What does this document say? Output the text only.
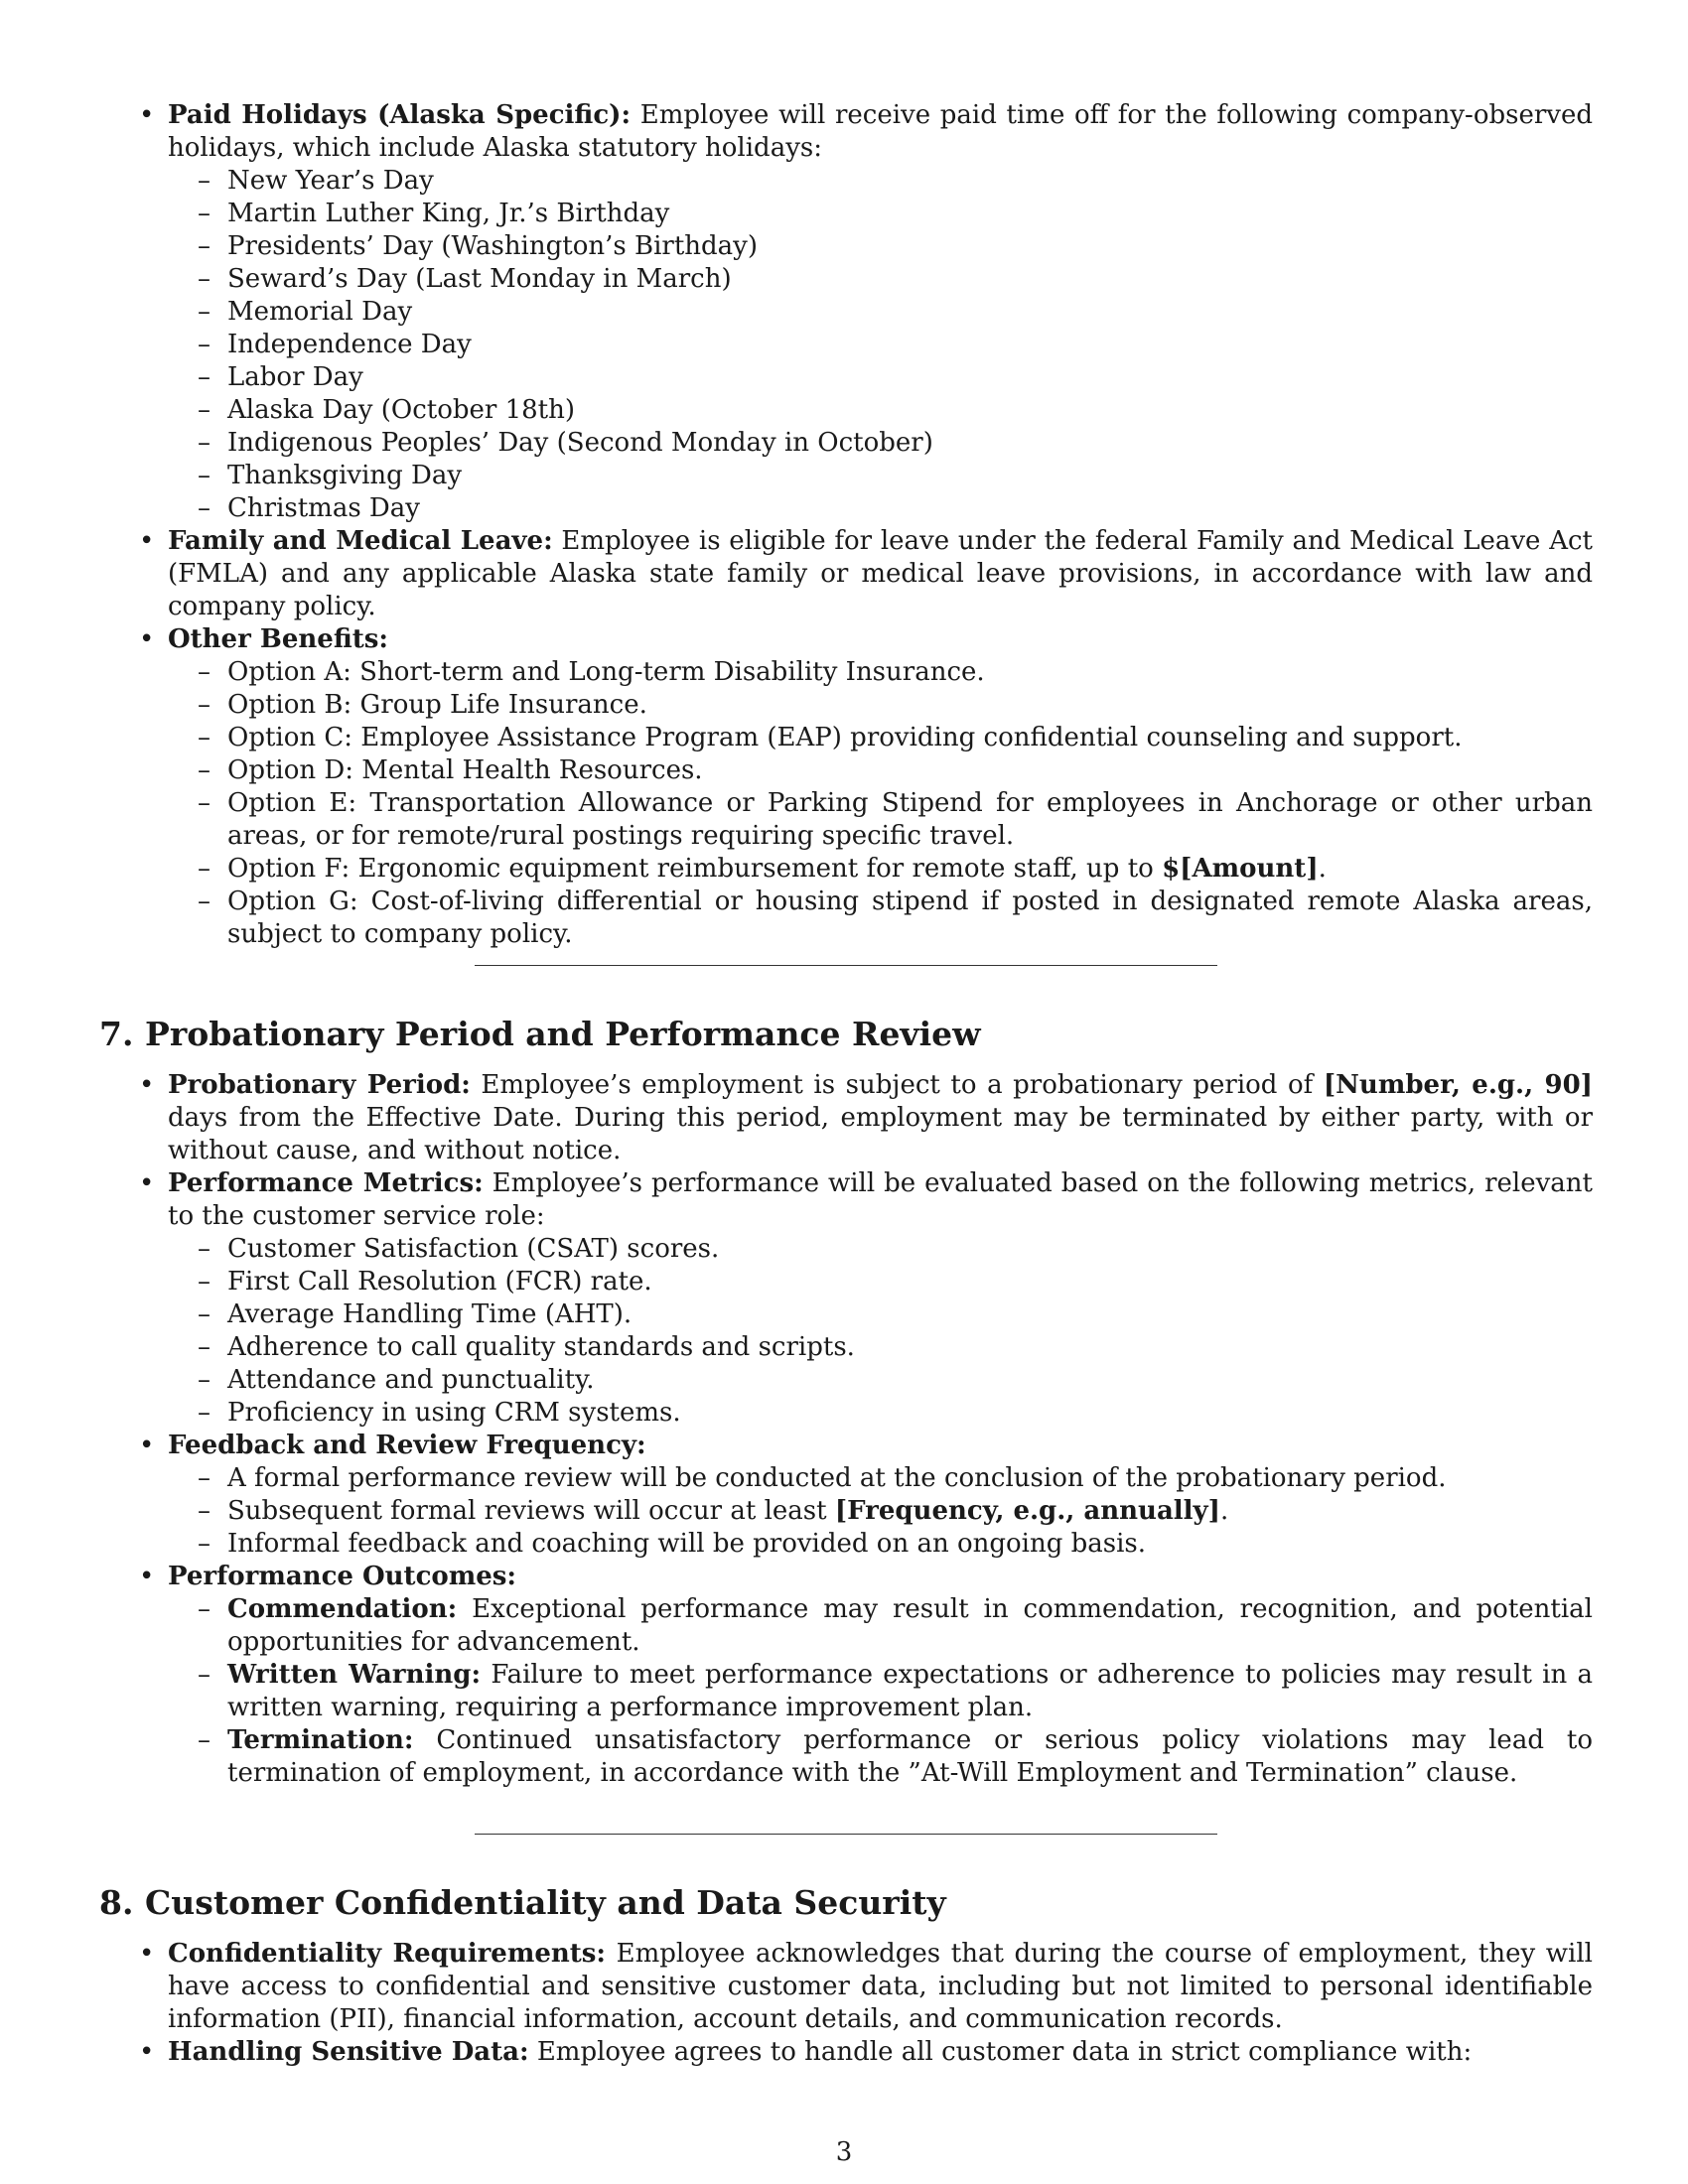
• Paid Holidays (Alaska Specific): Employee will receive paid time off for the following company-observed holidays, which include Alaska statutory holidays:
– New Year’s Day
– Martin Luther King, Jr.’s Birthday
– Presidents’ Day (Washington’s Birthday)
– Seward’s Day (Last Monday in March)
– Memorial Day
– Independence Day
– Labor Day
– Alaska Day (October 18th)
– Indigenous Peoples’ Day (Second Monday in October)
– Thanksgiving Day
– Christmas Day
• Family and Medical Leave: Employee is eligible for leave under the federal Family and Medical Leave Act (FMLA) and any applicable Alaska state family or medical leave provisions, in accordance with law and company policy.
• Other Benefits:
– Option A: Short-term and Long-term Disability Insurance.
– Option B: Group Life Insurance.
– Option C: Employee Assistance Program (EAP) providing confidential counseling and support.
– Option D: Mental Health Resources.
– Option E: Transportation Allowance or Parking Stipend for employees in Anchorage or other urban areas, or for remote/rural postings requiring specific travel.
– Option F: Ergonomic equipment reimbursement for remote staff, up to $[Amount].
– Option G: Cost-of-living differential or housing stipend if posted in designated remote Alaska areas, subject to company policy.
7. Probationary Period and Performance Review
• Probationary Period: Employee’s employment is subject to a probationary period of [Number, e.g., 90] days from the Effective Date. During this period, employment may be terminated by either party, with or without cause, and without notice.
• Performance Metrics: Employee’s performance will be evaluated based on the following metrics, relevant to the customer service role:
– Customer Satisfaction (CSAT) scores.
– First Call Resolution (FCR) rate.
– Average Handling Time (AHT).
– Adherence to call quality standards and scripts.
– Attendance and punctuality.
– Proficiency in using CRM systems.
• Feedback and Review Frequency:
– A formal performance review will be conducted at the conclusion of the probationary period.
– Subsequent formal reviews will occur at least [Frequency, e.g., annually].
– Informal feedback and coaching will be provided on an ongoing basis.
• Performance Outcomes:
– Commendation: Exceptional performance may result in commendation, recognition, and potential opportunities for advancement.
– Written Warning: Failure to meet performance expectations or adherence to policies may result in a written warning, requiring a performance improvement plan.
– Termination: Continued unsatisfactory performance or serious policy violations may lead to termination of employment, in accordance with the ”At-Will Employment and Termination” clause.
8. Customer Confidentiality and Data Security
• Confidentiality Requirements: Employee acknowledges that during the course of employment, they will have access to confidential and sensitive customer data, including but not limited to personal identifiable information (PII), financial information, account details, and communication records.
• Handling Sensitive Data: Employee agrees to handle all customer data in strict compliance with:
3
